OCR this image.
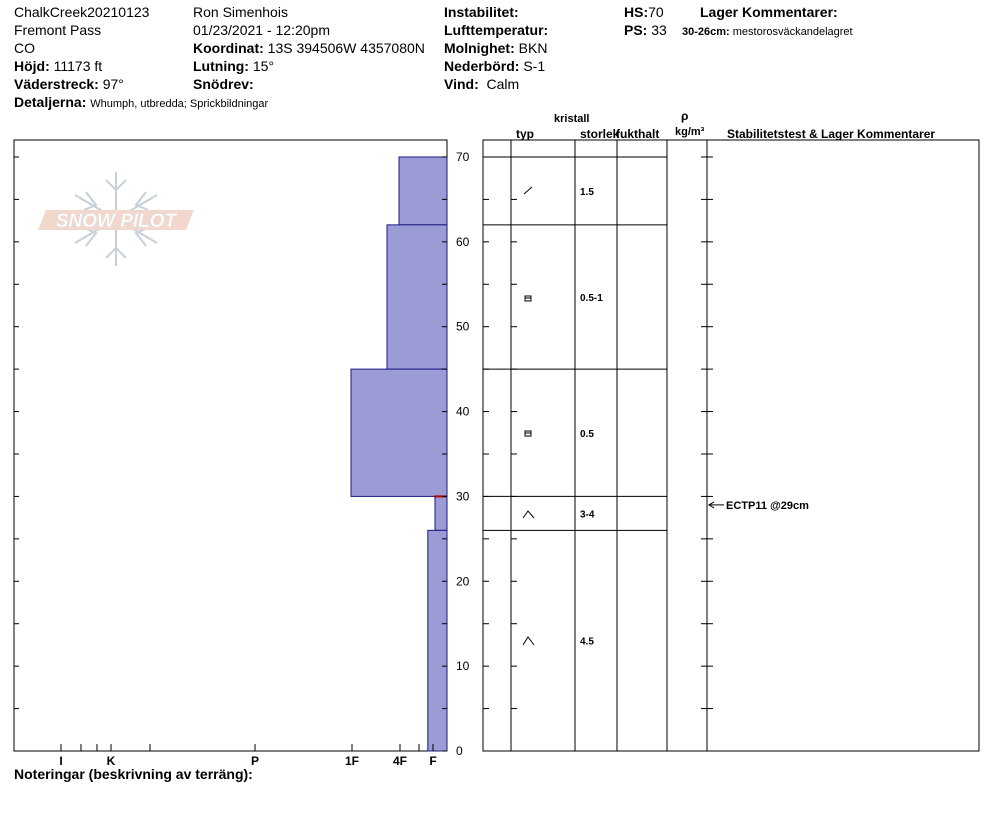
ChalkCreek20210123
Fremont Pass
CO
Höjd: 11173 ft
Väderstreck: 97°
Detaljerna: Whumph, utbredda; Sprickbildningar
Ron Simenhois
01/23/2021 - 12:20pm
Koordinat: 13S 394506W 4357080N
Lutning: 15°
Snödrev:
Instabilitet:
Lufttemperatur:
Molnighet: BKN
Nederbörd: S-1
Vind: Calm
HS:70
PS: 33
Lager Kommentarer:
30-26cm: mestorosväckandelagret
kristall
typ	storlek
fukthalt
ρ
kg/m³ Stabilitetstest & Lager Kommentarer
SNOW PILOT
70
60
50
40
30
20
10
0
I	K	P	1F	4F F
1.5
0.5-1
0.5
3-4
4.5
ECTP11 @29cm
Noteringar (beskrivning av terräng):
